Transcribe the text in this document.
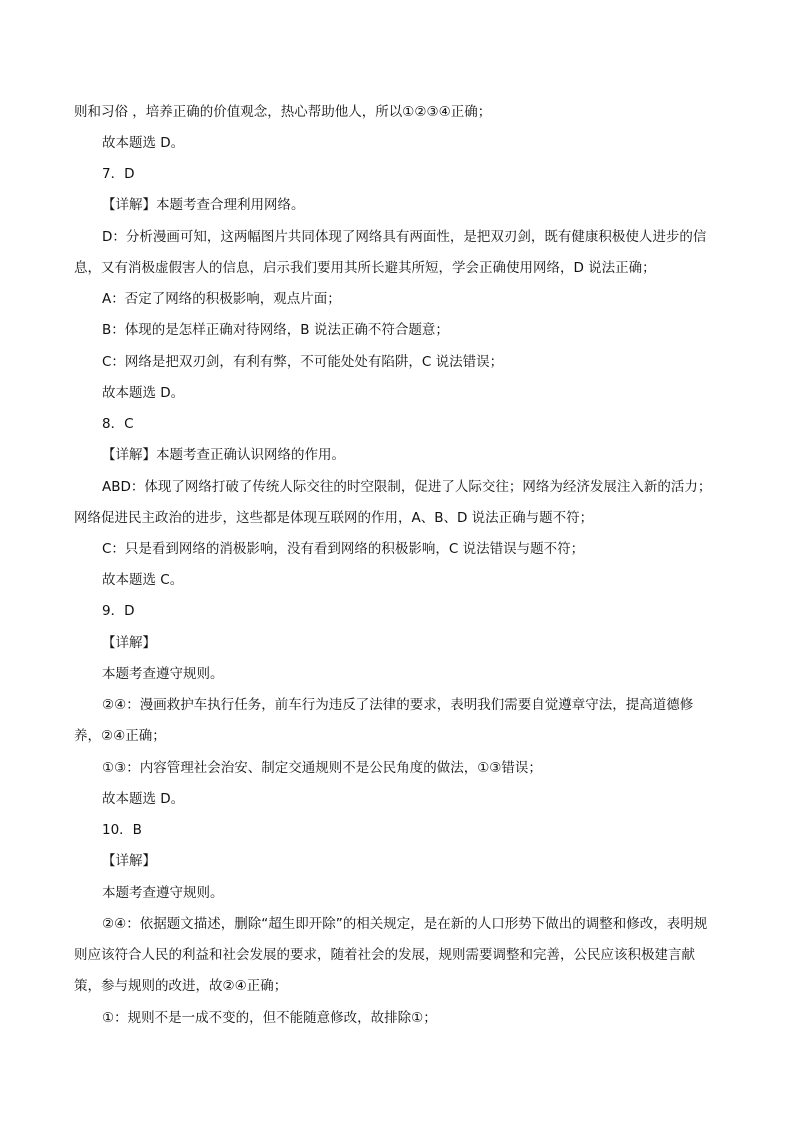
则和习俗 ，培养正确的价值观念，热心帮助他人，所以①②③④正确；
故本题选 D。
7．D
【详解】本题考查合理利用网络。
D：分析漫画可知，这两幅图片共同体现了网络具有两面性，是把双刃剑，既有健康积极使人进步的信
息，又有消极虚假害人的信息，启示我们要用其所长避其所短，学会正确使用网络，D 说法正确；
A：否定了网络的积极影响，观点片面；
B：体现的是怎样正确对待网络，B 说法正确不符合题意；
C：网络是把双刃剑，有利有弊，不可能处处有陷阱，C 说法错误；
故本题选 D。
8．C
【详解】本题考查正确认识网络的作用。
ABD：体现了网络打破了传统人际交往的时空限制，促进了人际交往；网络为经济发展注入新的活力；
网络促进民主政治的进步，这些都是体现互联网的作用，A、B、D 说法正确与题不符；
C：只是看到网络的消极影响，没有看到网络的积极影响，C 说法错误与题不符；
故本题选 C。
9．D
【详解】
本题考查遵守规则。
②④：漫画救护车执行任务，前车行为违反了法律的要求，表明我们需要自觉遵章守法，提高道德修
养，②④正确；
①③：内容管理社会治安、制定交通规则不是公民角度的做法，①③错误；
故本题选 D。
10．B
【详解】
本题考查遵守规则。
②④：依据题文描述，删除“超生即开除”的相关规定，是在新的人口形势下做出的调整和修改，表明规
则应该符合人民的利益和社会发展的要求，随着社会的发展，规则需要调整和完善，公民应该积极建言献
策，参与规则的改进，故②④正确；
①：规则不是一成不变的，但不能随意修改，故排除①；
